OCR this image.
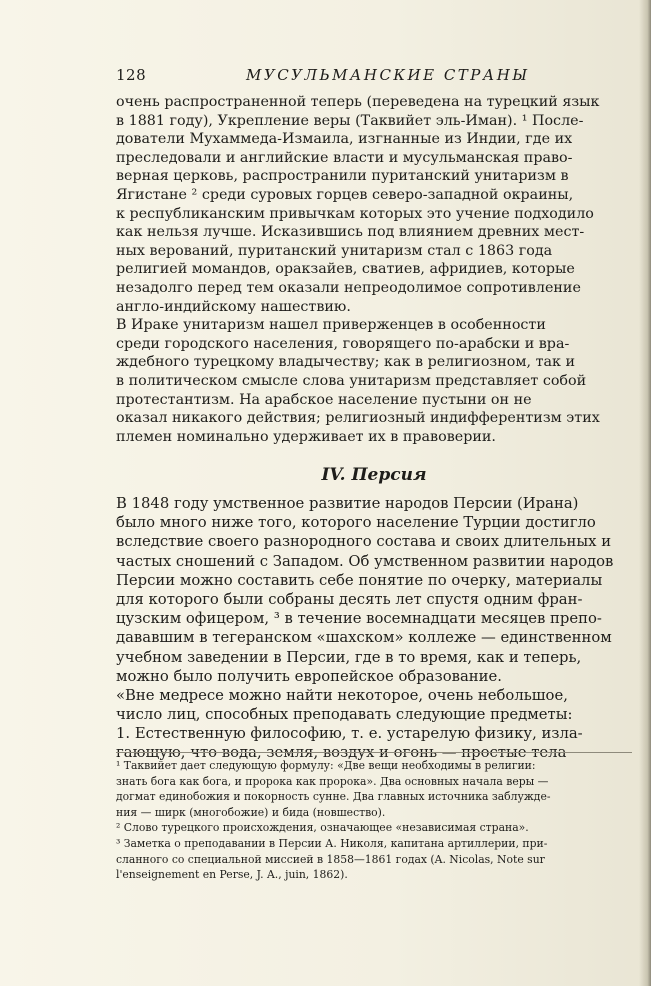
128	МУСУЛЬМАНСКИЕ СТРАНЫ
очень распространенной теперь (переведена на турецкий язык
в 1881 году), Укрепление веры (Таквийет эль-Иман). ¹ После-
дователи Мухаммеда-Измаила, изгнанные из Индии, где их
преследовали и английские власти и мусульманская право-
верная церковь, распространили пуританский унитаризм в
Ягистане ² среди суровых горцев северо-западной окраины,
к республиканским привычкам которых это учение подходило
как нельзя лучше. Исказившись под влиянием древних мест-
ных верований, пуританский унитаризм стал с 1863 года
религией момандов, оракзайев, сватиев, афридиев, которые
незадолго перед тем оказали непреодолимое сопротивление
англо-индийскому нашествию.
В Ираке унитаризм нашел приверженцев в особенности
среди городского населения, говорящего по-арабски и вра-
ждебного турецкому владычеству; как в религиозном, так и
в политическом смысле слова унитаризм представляет собой
протестантизм. На арабское население пустыни он не
оказал никакого действия; религиозный индифферентизм этих
племен номинально удерживает их в правоверии.
IV. Персия
В 1848 году умственное развитие народов Персии (Ирана)
было много ниже того, которого население Турции достигло
вследствие своего разнородного состава и своих длительных и
частых сношений с Западом. Об умственном развитии народов
Персии можно составить себе понятие по очерку, материалы
для которого были собраны десять лет спустя одним фран-
цузским офицером, ³ в течение восемнадцати месяцев препо-
дававшим в тегеранском «шахском» коллеже — единственном
учебном заведении в Персии, где в то время, как и теперь,
можно было получить европейское образование.
«Вне медресе можно найти некоторое, очень небольшое,
число лиц, способных преподавать следующие предметы:
1. Естественную философию, т. е. устарелую физику, изла-
гающую, что вода, земля, воздух и огонь — простые тела
¹ Таквийет дает следующую формулу: «Две вещи необходимы в религии:
знать бога как бога, и пророка как пророка». Два основных начала веры —
догмат единобожия и покорность сунне. Два главных источника заблужде-
ния — ширк (многобожие) и бида (новшество).
² Слово турецкого происхождения, означающее «независимая страна».
³ Заметка о преподавании в Персии А. Николя, капитана артиллерии, при-
сланного со специальной миссией в 1858—1861 годах (A. Nicolas, Note sur
l'enseignement en Perse, J. A., juin, 1862).
